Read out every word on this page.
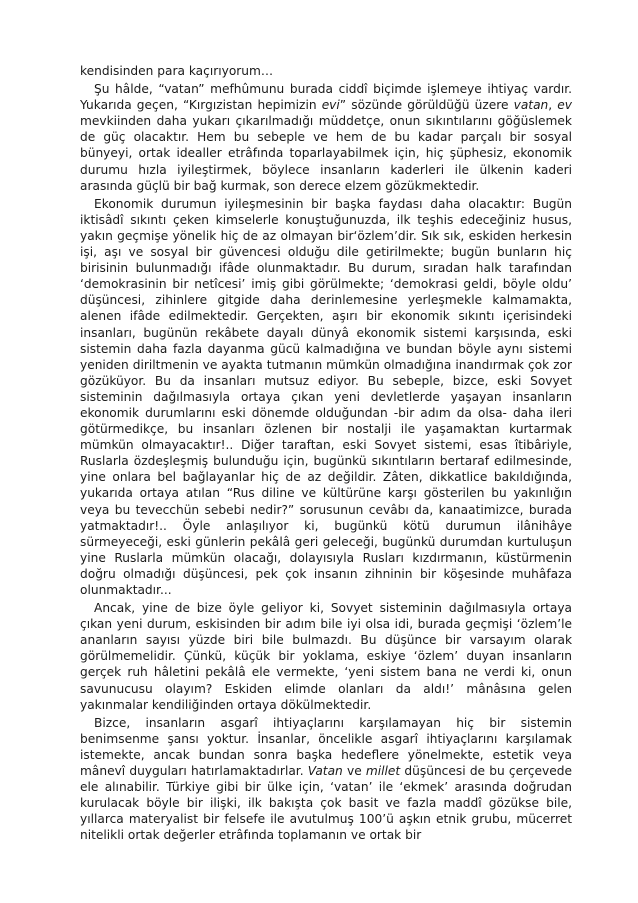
kendisinden para kaçırıyorum…

Şu hâlde, “vatan” mefhûmunu burada ciddî biçimde işlemeye ihtiyaç vardır. Yukarıda geçen, “Kırgızistan hepimizin evi” sözünde görüldüğü üzere vatan, ev mevkiinden daha yukarı çıkarılmadığı müddetçe, onun sıkıntılarını göğüslemek de güç olacaktır. Hem bu sebeple ve hem de bu kadar parçalı bir sosyal bünyeyi, ortak idealler etrâfında toparlayabilmek için, hiç şüphesiz, ekonomik durumu hızla iyileştirmek, böylece insanların kaderleri ile ülkenin kaderi arasında güçlü bir bağ kurmak, son derece elzem gözükmektedir.

Ekonomik durumun iyileşmesinin bir başka faydası daha olacaktır: Bugün iktisâdî sıkıntı çeken kimselerle konuştuğunuzda, ilk teşhis edeceğiniz husus, yakın geçmişe yönelik hiç de az olmayan bir‘özlem’dir. Sık sık, eskiden herkesin işi, aşı ve sosyal bir güvencesi olduğu dile getirilmekte; bugün bunların hiç birisinin bulunmadığı ifâde olunmaktadır. Bu durum, sıradan halk tarafından ‘demokrasinin bir netîcesi’ imiş gibi görülmekte; ‘demokrasi geldi, böyle oldu’ düşüncesi, zihinlere gitgide daha derinlemesine yerleşmekle kalmamakta, alenen ifâde edilmektedir. Gerçekten, aşırı bir ekonomik sıkıntı içerisindeki insanları, bugünün rekâbete dayalı dünyâ ekonomik sistemi karşısında, eski sistemin daha fazla dayanma gücü kalmadığına ve bundan böyle aynı sistemi yeniden diriltmenin ve ayakta tutmanın mümkün olmadığına inandırmak çok zor gözüküyor. Bu da insanları mutsuz ediyor. Bu sebeple, bizce, eski Sovyet sisteminin dağılmasıyla ortaya çıkan yeni devletlerde yaşayan insanların ekonomik durumlarını eski dönemde olduğundan -bir adım da olsa- daha ileri götürmedikçe, bu insanları özlenen bir nostalji ile yaşamaktan kurtarmak mümkün olmayacaktır!.. Diğer taraftan, eski Sovyet sistemi, esas îtibâriyle, Ruslarla özdeşleşmiş bulunduğu için, bugünkü sıkıntıların bertaraf edilmesinde, yine onlara bel bağlayanlar hiç de az değildir. Zâten, dikkatlice bakıldığında, yukarıda ortaya atılan “Rus diline ve kültürüne karşı gösterilen bu yakınlığın veya bu tevecchün sebebi nedir?” sorusunun cevâbı da, kanaatimizce, burada yatmaktadır!.. Öyle anlaşılıyor ki, bugünkü kötü durumun ilânihâye sürmeyeceği, eski günlerin pekâlâ geri geleceği, bugünkü durumdan kurtuluşun yine Ruslarla mümkün olacağı, dolayısıyla Rusları kızdırmanın, küstürmenin doğru olmadığı düşüncesi, pek çok insanın zihninin bir köşesinde muhâfaza olunmaktadır...

Ancak, yine de bize öyle geliyor ki, Sovyet sisteminin dağılmasıyla ortaya çıkan yeni durum, eskisinden bir adım bile iyi olsa idi, burada geçmişi ‘özlem’le ananların sayısı yüzde biri bile bulmazdı. Bu düşünce bir varsayım olarak görülmemelidir. Çünkü, küçük bir yoklama, eskiye ‘özlem’ duyan insanların gerçek ruh hâletini pekâlâ ele vermekte, ‘yeni sistem bana ne verdi ki, onun savunucusu olayım? Eskiden elimde olanları da aldı!’ mânâsına gelen yakınmalar kendiliğinden ortaya dökülmektedir.

Bizce, insanların asgarî ihtiyaçlarını karşılamayan hiç bir sistemin benimsenme şansı yoktur. İnsanlar, öncelikle asgarî ihtiyaçlarını karşılamak istemekte, ancak bundan sonra başka hedeflere yönelmekte, estetik veya mânevî duyguları hatırlamaktadırlar. Vatan ve millet düşüncesi de bu çerçevede ele alınabilir. Türkiye gibi bir ülke için, ‘vatan’ ile ‘ekmek’ arasında doğrudan kurulacak böyle bir ilişki, ilk bakışta çok basit ve fazla maddî gözükse bile, yıllarca materyalist bir felsefe ile avutulmuş 100’ü aşkın etnik grubu, mücerret nitelikli ortak değerler etrâfında toplamanın ve ortak bir
